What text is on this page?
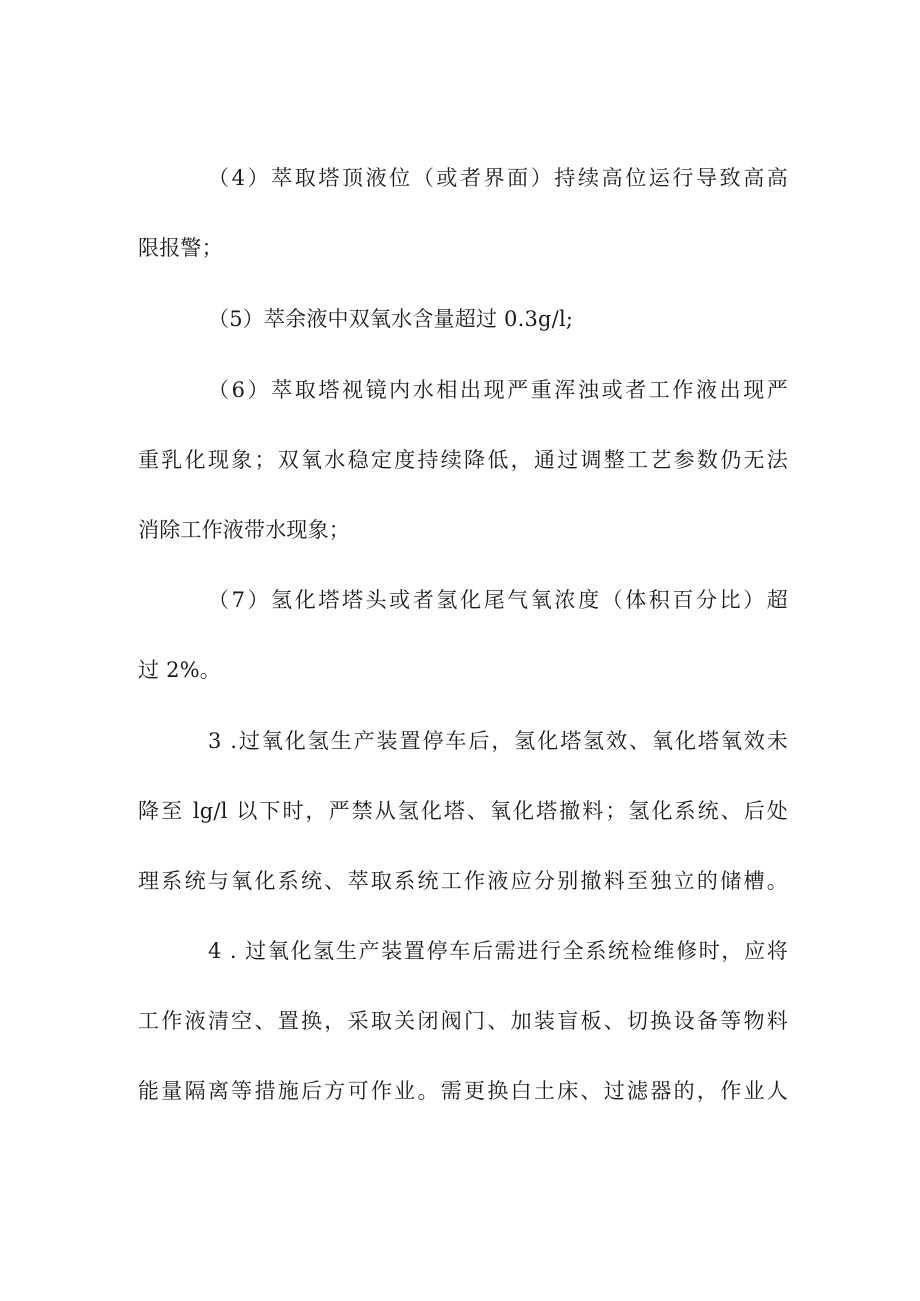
（4）萃取塔顶液位（或者界面）持续高位运行导致高高
限报警；
（5）萃余液中双氧水含量超过 0.3g/l;
（6）萃取塔视镜内水相出现严重浑浊或者工作液出现严
重乳化现象；双氧水稳定度持续降低，通过调整工艺参数仍无法
消除工作液带水现象；
（7）氢化塔塔头或者氢化尾气氧浓度（体积百分比）超
过 2%。
3 .过氧化氢生产装置停车后，氢化塔氢效、氧化塔氧效未
降至 lg/l 以下时，严禁从氢化塔、氧化塔撤料；氢化系统、后处
理系统与氧化系统、萃取系统工作液应分别撤料至独立的储槽。
4 . 过氧化氢生产装置停车后需进行全系统检维修时，应将
工作液清空、置换，采取关闭阀门、加装盲板、切换设备等物料
能量隔离等措施后方可作业。需更换白土床、过滤器的，作业人
